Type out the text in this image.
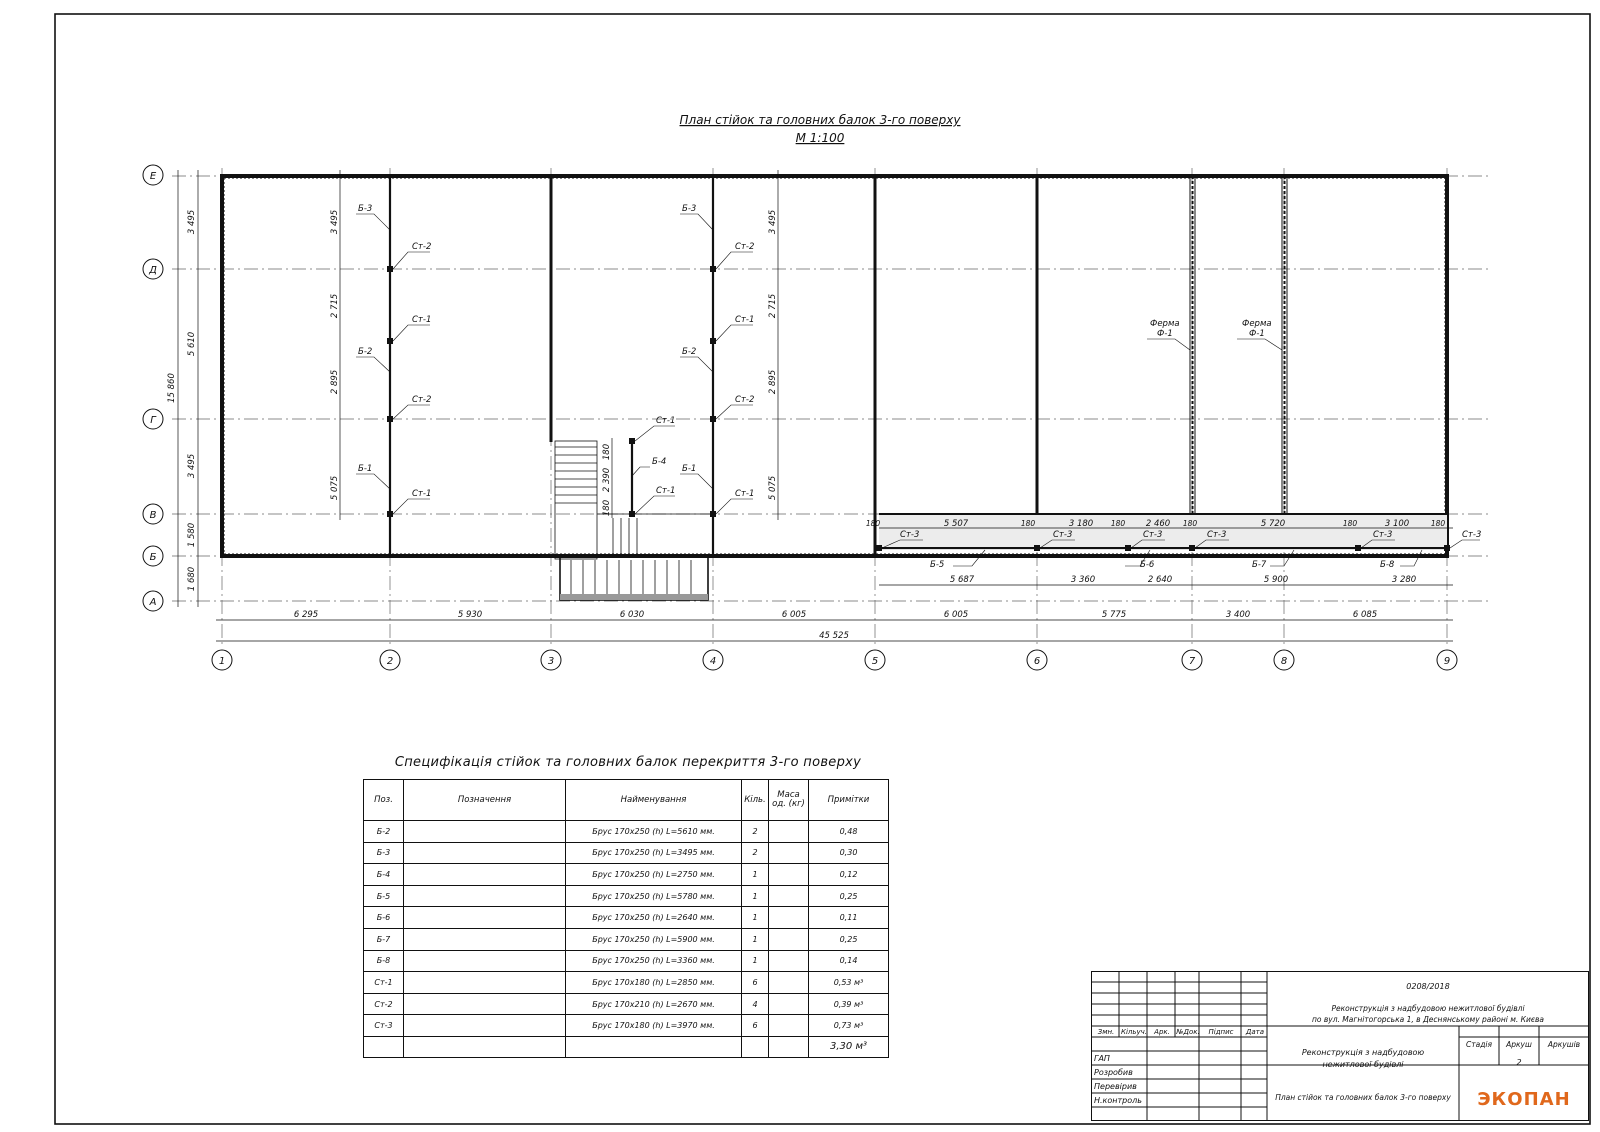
План стійок та головних балок 3-го поверху
М 1:100
Е
Д
Г
В
Б
А
1	2	3	4	5	6	7	8	9
6 295	5 930	6 030	6 005	6 005	5 775	3 400	6 085
45 525
3 495
5 610
3 495
1 580
1 680
15 860
3 495
2 715
2 895
5 075
3 495
2 715
2 895
5 075
180
2 390
180
180	5 507	180	3 180 180 2 460 180	5 720	180	3 100	180
5 687	3 360	2 640	5 900	3 280
Б-3
Ст-2
Ст-1
Б-2
Ст-2
Б-1
Ст-1
Б-3
Ст-2
Ст-1
Б-2
Ст-2
Б-1
Ст-1
Ст-1
Б-4
Ст-1
Ст-3	Ст-3	Ст-3	Ст-3	Ст-3	Ст-3
Б-5	Б-6	Б-7	Б-8
Ферма
Ф-1
Ферма
Ф-1
Специфікація стійок та головних балок перекриття 3-го поверху
Поз.	Позначення	Найменування	Кіль.	Маса од. (кг)	Примітки
Б-2		Брус 170х250 (h) L=5610 мм.	2		0,48
Б-3		Брус 170х250 (h) L=3495 мм.	2		0,30
Б-4		Брус 170х250 (h) L=2750 мм.	1		0,12
Б-5		Брус 170х250 (h) L=5780 мм.	1		0,25
Б-6		Брус 170х250 (h) L=2640 мм.	1		0,11
Б-7		Брус 170х250 (h) L=5900 мм.	1		0,25
Б-8		Брус 170х250 (h) L=3360 мм.	1		0,14
Ст-1		Брус 170х180 (h) L=2850 мм.	6		0,53 м³
Ст-2		Брус 170х210 (h) L=2670 мм.	4		0,39 м³
Ст-3		Брус 170х180 (h) L=3970 мм.	6		0,73 м³
					3,30 м³
0208/2018
Реконструкція з надбудовою нежитлової будівлі
по вул. Магнітогорська 1, в Деснянському районі м. Києва
Змн. Кільуч.	Арк. №Док.	Підпис	Дата
ГАП
Розробив
Перевірив
Н.контроль
Реконструкція з надбудовою
нежитлової будівлі
Стадія	Аркуш	Аркушів
2
План стійок та головних балок 3-го поверху	ЭКОПАН
